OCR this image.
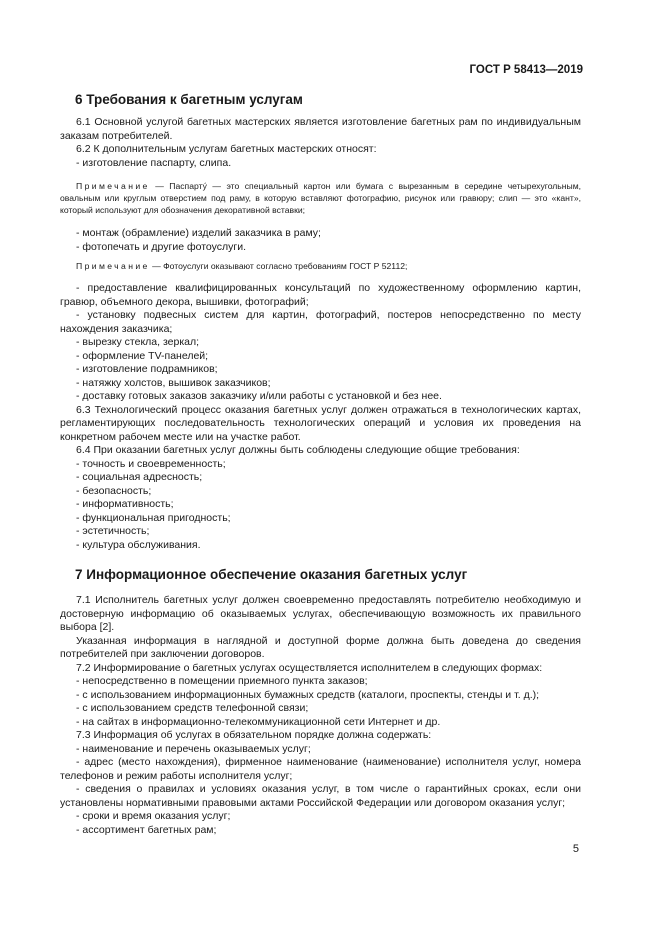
ГОСТ Р 58413—2019
6 Требования к багетным услугам

6.1 Основной услугой багетных мастерских является изготовление багетных рам по индивидуальным заказам потребителей.

6.2 К дополнительным услугам багетных мастерских относят:

- изготовление паспарту, слипа.

Примечание — Паспарту́ — это специальный картон или бумага с вырезанным в середине четырехугольным, овальным или круглым отверстием под раму, в которую вставляют фотографию, рисунок или гравюру; слип — это «кант», который используют для обозначения декоративной вставки;

- монтаж (обрамление) изделий заказчика в раму;

- фотопечать и другие фотоуслуги.

Примечание — Фотоуслуги оказывают согласно требованиям ГОСТ Р 52112;

- предоставление квалифицированных консультаций по художественному оформлению картин, гравюр, объемного декора, вышивки, фотографий;

- установку подвесных систем для картин, фотографий, постеров непосредственно по месту нахождения заказчика;

- вырезку стекла, зеркал;

- оформление TV-панелей;

- изготовление подрамников;

- натяжку холстов, вышивок заказчиков;

- доставку готовых заказов заказчику и/или работы с установкой и без нее.

6.3 Технологический процесс оказания багетных услуг должен отражаться в технологических картах, регламентирующих последовательность технологических операций и условия их проведения на конкретном рабочем месте или на участке работ.

6.4 При оказании багетных услуг должны быть соблюдены следующие общие требования:

- точность и своевременность;

- социальная адресность;

- безопасность;

- информативность;

- функциональная пригодность;

- эстетичность;

- культура обслуживания.

7 Информационное обеспечение оказания багетных услуг

7.1 Исполнитель багетных услуг должен своевременно предоставлять потребителю необходимую и достоверную информацию об оказываемых услугах, обеспечивающую возможность их правильного выбора [2].

Указанная информация в наглядной и доступной форме должна быть доведена до сведения потребителей при заключении договоров.

7.2 Информирование о багетных услугах осуществляется исполнителем в следующих формах:

- непосредственно в помещении приемного пункта заказов;

- с использованием информационных бумажных средств (каталоги, проспекты, стенды и т. д.);

- с использованием средств телефонной связи;

- на сайтах в информационно-телекоммуникационной сети Интернет и др.

7.3 Информация об услугах в обязательном порядке должна содержать:

- наименование и перечень оказываемых услуг;

- адрес (место нахождения), фирменное наименование (наименование) исполнителя услуг, номера телефонов и режим работы исполнителя услуг;

- сведения о правилах и условиях оказания услуг, в том числе о гарантийных сроках, если они установлены нормативными правовыми актами Российской Федерации или договором оказания услуг;

- сроки и время оказания услуг;

- ассортимент багетных рам;

5
